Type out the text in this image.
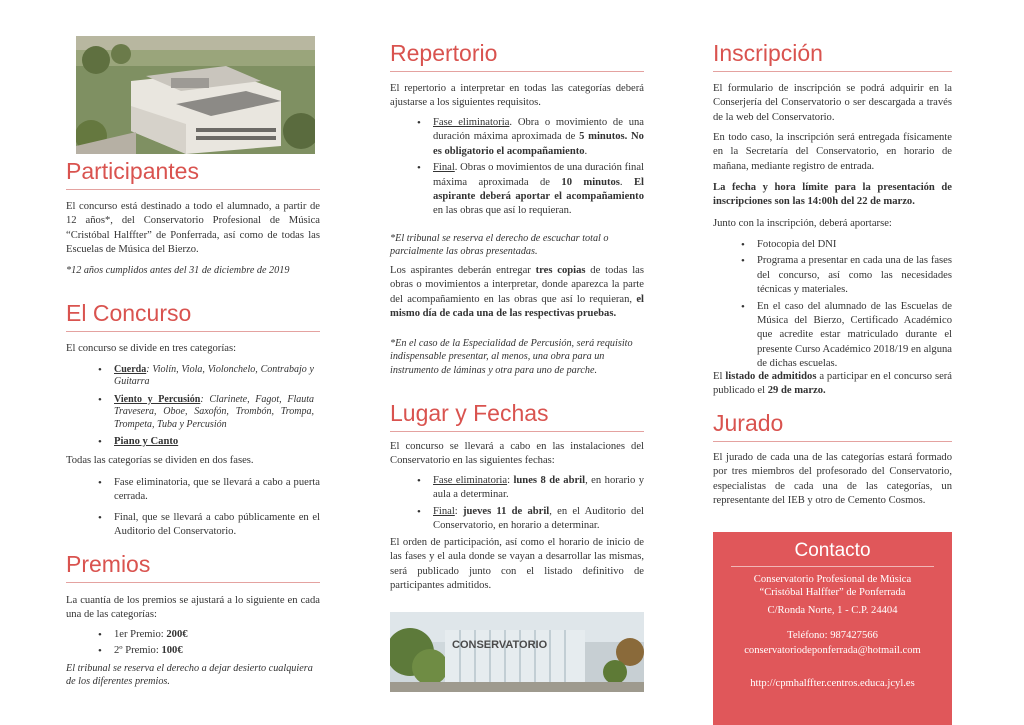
Participantes

El concurso está destinado a todo el alumnado, a partir de 12 años*, del Conservatorio Profesional de Música “Cristóbal Halffter” de Ponferrada, así como de todas las Escuelas de Música del Bierzo.

*12 años cumplidos antes del 31 de diciembre de 2019

El Concurso

El concurso se divide en tres categorías:

• Cuerda: Violín, Viola, Violonchelo, Contrabajo y Guitarra
• Viento y Percusión: Clarinete, Fagot, Flauta Travesera, Oboe, Saxofón, Trombón, Trompa, Trompeta, Tuba y Percusión
• Piano y Canto

Todas las categorías se dividen en dos fases.

• Fase eliminatoria, que se llevará a cabo a puerta cerrada.
• Final, que se llevará a cabo públicamente en el Auditorio del Conservatorio.
Premios

La cuantía de los premios se ajustará a lo siguiente en cada una de las categorías:

• 1er Premio: 200€
• 2º Premio: 100€

El tribunal se reserva el derecho a dejar desierto cualquiera de los diferentes premios.

Repertorio

El repertorio a interpretar en todas las categorías deberá ajustarse a los siguientes requisitos.

• Fase eliminatoria. Obra o movimiento de una duración máxima aproximada de 5 minutos. No es obligatorio el acompañamiento.
• Final. Obras o movimientos de una duración final máxima aproximada de 10 minutos. El aspirante deberá aportar el acompañamiento en las obras que así lo requieran.

*El tribunal se reserva el derecho de escuchar total o parcialmente las obras presentadas.

Los aspirantes deberán entregar tres copias de todas las obras o movimientos a interpretar, donde aparezca la parte del acompañamiento en las obras que así lo requieran, el mismo día de cada una de las respectivas pruebas.

*En el caso de la Especialidad de Percusión, será requisito indispensable presentar, al menos, una obra para un instrumento de láminas y otra para uno de parche.

Lugar y Fechas

El concurso se llevará a cabo en las instalaciones del Conservatorio en las siguientes fechas:

• Fase eliminatoria: lunes 8 de abril, en horario y aula a determinar.
• Final: jueves 11 de abril, en el Auditorio del Conservatorio, en horario a determinar.

El orden de participación, así como el horario de inicio de las fases y el aula donde se vayan a desarrollar las mismas, será publicado junto con el listado definitivo de participantes admitidos.

CONSERVATORIO
Inscripción

El formulario de inscripción se podrá adquirir en la Conserjería del Conservatorio o ser descargada a través de la web del Conservatorio.

En todo caso, la inscripción será entregada físicamente en la Secretaría del Conservatorio, en horario de mañana, mediante registro de entrada.

La fecha y hora límite para la presentación de inscripciones son las 14:00h del 22 de marzo.

Junto con la inscripción, deberá aportarse:

• Fotocopia del DNI
• Programa a presentar en cada una de las fases del concurso, así como las necesidades técnicas y materiales.
• En el caso del alumnado de las Escuelas de Música del Bierzo, Certificado Académico que acredite estar matriculado durante el presente Curso Académico 2018/19 en alguna de dichas escuelas.

El listado de admitidos a participar en el concurso será publicado el 29 de marzo.

Jurado

El jurado de cada una de las categorías estará formado por tres miembros del profesorado del Conservatorio, especialistas de cada una de las categorías, un representante del IEB y otro de Cemento Cosmos.

Contacto
Conservatorio Profesional de Música
“Cristóbal Halffter” de Ponferrada
C/Ronda Norte, 1 - C.P. 24404
Teléfono: 987427566
conservatoriodeponferrada@hotmail.com
http://cpmhalffter.centros.educa.jcyl.es
